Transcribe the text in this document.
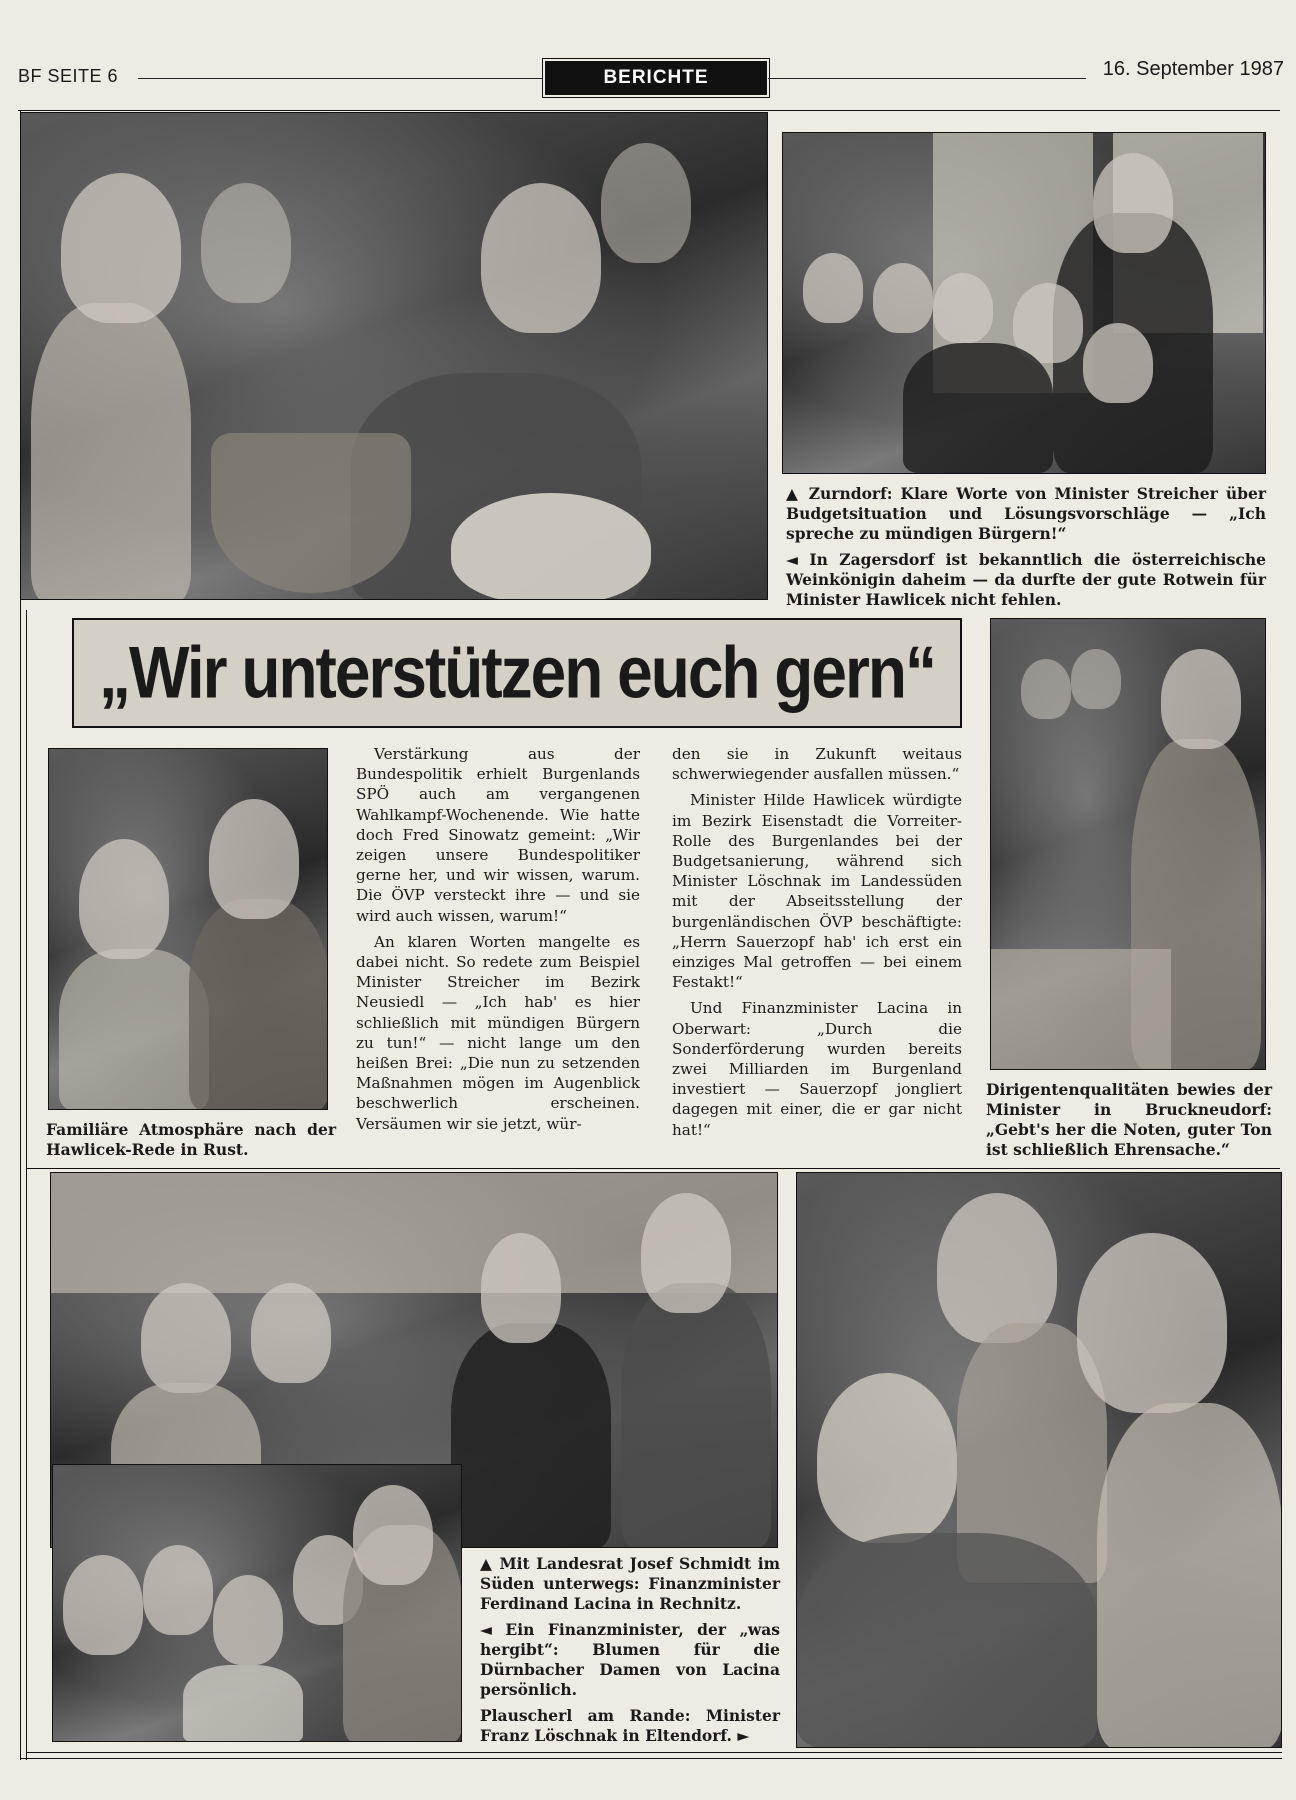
BF SEITE 6	BERICHTE	16. September 1987

▲ Zurndorf: Klare Worte von Minister Streicher über Budgetsituation und Lösungsvorschläge — „Ich spreche zu mündigen Bürgern!“

◄ In Zagersdorf ist bekanntlich die österreichische Weinkönigin daheim — da durfte der gute Rotwein für Minister Hawlicek nicht fehlen.

„Wir unterstützen euch gern“

Dirigentenqualitäten bewies der Minister in Bruckneudorf: „Gebt's her die Noten, guter Ton ist schließlich Ehrensache.“

Familiäre Atmosphäre nach der Hawlicek-Rede in Rust.

Verstärkung aus der Bundespolitik erhielt Burgenlands SPÖ auch am vergangenen Wahlkampf-Wochenende. Wie hatte doch Fred Sinowatz gemeint: „Wir zeigen unsere Bundespolitiker gerne her, und wir wissen, warum. Die ÖVP versteckt ihre — und sie wird auch wissen, warum!“

An klaren Worten mangelte es dabei nicht. So redete zum Beispiel Minister Streicher im Bezirk Neusiedl — „Ich hab' es hier schließlich mit mündigen Bürgern zu tun!“ — nicht lange um den heißen Brei: „Die nun zu setzenden Maßnahmen mögen im Augenblick beschwerlich erscheinen. Versäumen wir sie jetzt, wür-

den sie in Zukunft weitaus schwerwiegender ausfallen müssen.“

Minister Hilde Hawlicek würdigte im Bezirk Eisenstadt die Vorreiter-Rolle des Burgenlandes bei der Budgetsanierung, während sich Minister Löschnak im Landessüden mit der Abseitsstellung der burgenländischen ÖVP beschäftigte: „Herrn Sauerzopf hab' ich erst ein einziges Mal getroffen — bei einem Festakt!“

Und Finanzminister Lacina in Oberwart: „Durch die Sonderförderung wurden bereits zwei Milliarden im Burgenland investiert — Sauerzopf jongliert dagegen mit einer, die er gar nicht hat!“

▲ Mit Landesrat Josef Schmidt im Süden unterwegs: Finanzminister Ferdinand Lacina in Rechnitz.

◄ Ein Finanzminister, der „was hergibt“: Blumen für die Dürnbacher Damen von Lacina persönlich.

Plauscherl am Rande: Minister Franz Löschnak in Eltendorf. ►
